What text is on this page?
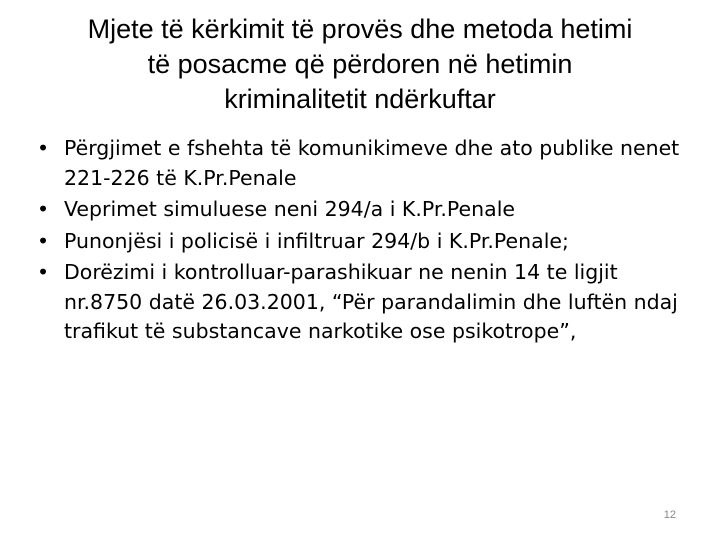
Mjete të kërkimit të provës dhe metoda hetimi
të posacme që përdoren në hetimin
kriminalitetit ndërkuftar
• Përgjimet e fshehta të komunikimeve dhe ato publike nenet 221-226 të K.Pr.Penale
• Veprimet simuluese neni 294/a i K.Pr.Penale
• Punonjësi i policisë i infiltruar 294/b i K.Pr.Penale;
• Dorëzimi i kontrolluar-parashikuar ne nenin 14 te ligjit nr.8750 datë 26.03.2001, “Për parandalimin dhe luftën ndaj trafikut të substancave narkotike ose psikotrope”,
12
